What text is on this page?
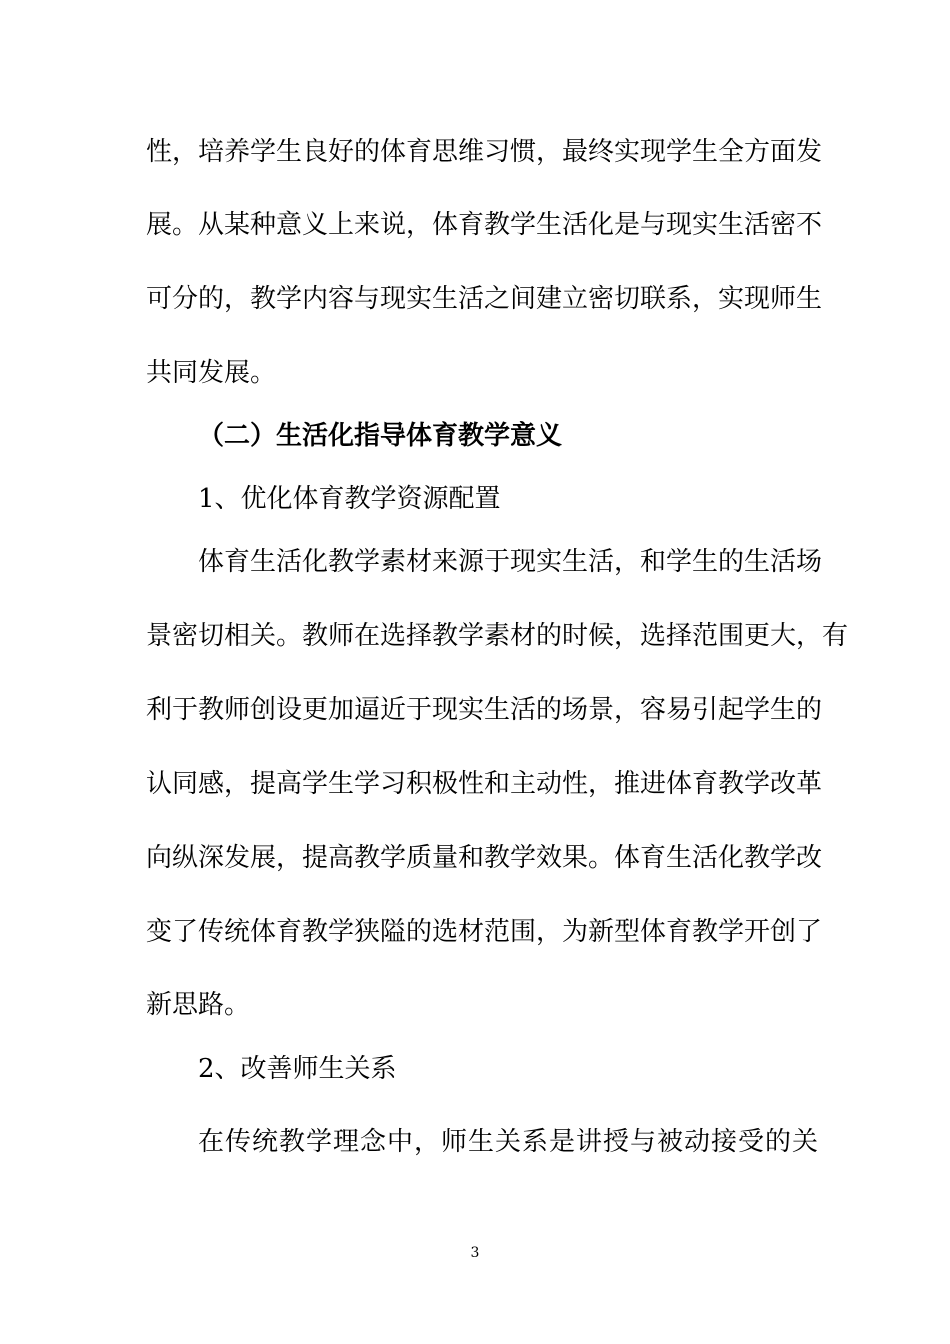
性，培养学生良好的体育思维习惯，最终实现学生全方面发
展。从某种意义上来说，体育教学生活化是与现实生活密不
可分的，教学内容与现实生活之间建立密切联系，实现师生
共同发展。
（二）生活化指导体育教学意义
1、优化体育教学资源配置
体育生活化教学素材来源于现实生活，和学生的生活场
景密切相关。教师在选择教学素材的时候，选择范围更大，有
利于教师创设更加逼近于现实生活的场景，容易引起学生的
认同感，提高学生学习积极性和主动性，推进体育教学改革
向纵深发展，提高教学质量和教学效果。体育生活化教学改
变了传统体育教学狭隘的选材范围，为新型体育教学开创了
新思路。
2、改善师生关系
在传统教学理念中，师生关系是讲授与被动接受的关
3
